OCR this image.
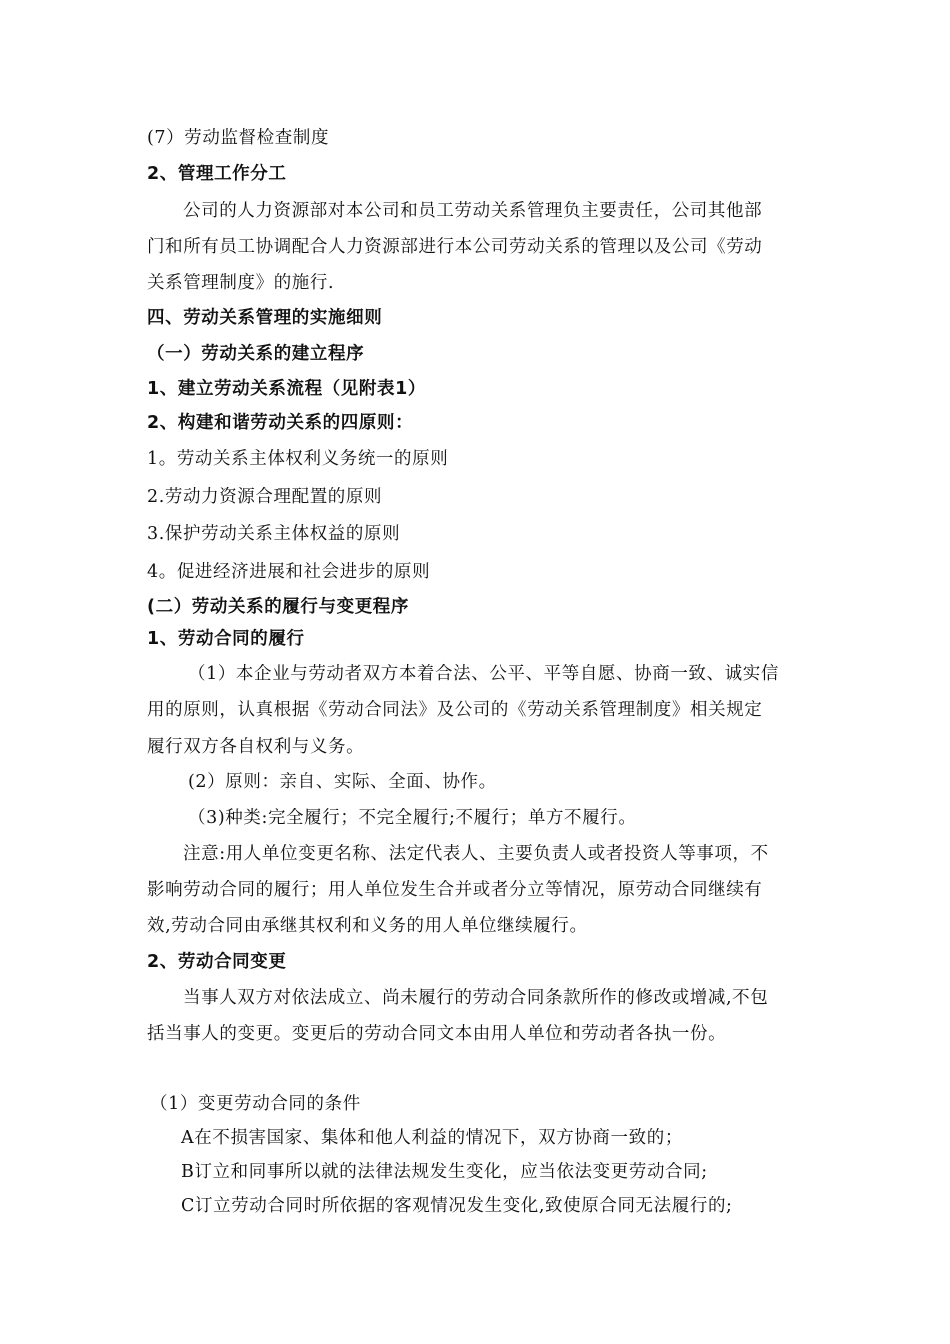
(7）劳动监督检查制度
2、管理工作分工
公司的人力资源部对本公司和员工劳动关系管理负主要责任，公司其他部
门和所有员工协调配合人力资源部进行本公司劳动关系的管理以及公司《劳动
关系管理制度》的施行.
四、劳动关系管理的实施细则
（一）劳动关系的建立程序
1、建立劳动关系流程（见附表1）
2、构建和谐劳动关系的四原则：
1。劳动关系主体权利义务统一的原则
2.劳动力资源合理配置的原则
3.保护劳动关系主体权益的原则
4。促进经济进展和社会进步的原则
(二）劳动关系的履行与变更程序
1、劳动合同的履行
（1）本企业与劳动者双方本着合法、公平、平等自愿、协商一致、诚实信
用的原则，认真根据《劳动合同法》及公司的《劳动关系管理制度》相关规定
履行双方各自权利与义务。
(2）原则：亲自、实际、全面、协作。
（3)种类:完全履行；不完全履行;不履行；单方不履行。
注意:用人单位变更名称、法定代表人、主要负责人或者投资人等事项，不
影响劳动合同的履行；用人单位发生合并或者分立等情况，原劳动合同继续有
效,劳动合同由承继其权利和义务的用人单位继续履行。
2、劳动合同变更
当事人双方对依法成立、尚未履行的劳动合同条款所作的修改或增减,不包
括当事人的变更。变更后的劳动合同文本由用人单位和劳动者各执一份。
（1）变更劳动合同的条件
A在不损害国家、集体和他人利益的情况下，双方协商一致的；
B订立和同事所以就的法律法规发生变化，应当依法变更劳动合同;
C订立劳动合同时所依据的客观情况发生变化,致使原合同无法履行的;
